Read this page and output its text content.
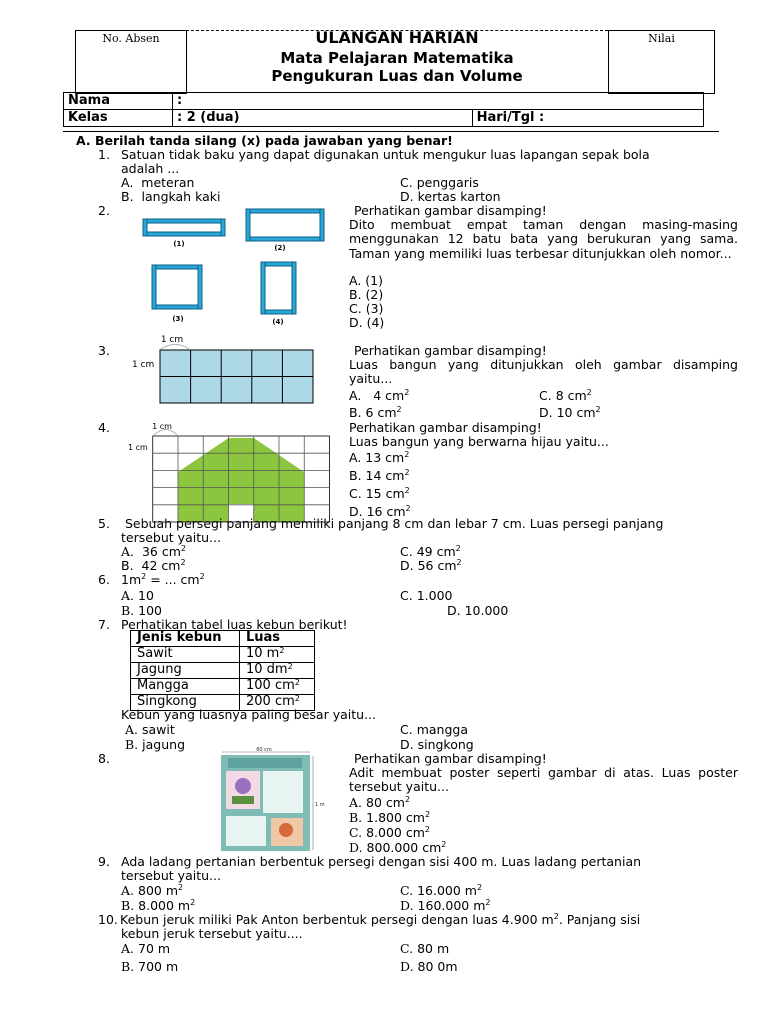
No. Absen	Nilai
ULANGAN HARIAN
Mata Pelajaran Matematika
Pengukuran Luas dan Volume
Nama	:	
Kelas	: 2 (dua)	Hari/Tgl :
A. Berilah tanda silang (x) pada jawaban yang benar!
1. Satuan tidak baku yang dapat digunakan untuk mengukur luas lapangan sepak bola
adalah ...
A. meteran
B. langkah kaki
C. penggaris
D. kertas karton
2.
(1)	(2)
(3)	(4)
Perhatikan gambar disamping!
Dito membuat empat taman dengan masing-masing menggunakan 12 batu bata yang berukuran yang sama. Taman yang memiliki luas terbesar ditunjukkan oleh nomor...
A. (1)
B. (2)
C. (3)
D. (4)
3.
1 cm
1 cm
Perhatikan gambar disamping!
Luas bangun yang ditunjukkan oleh gambar disamping yaitu...
A. 4 $cm^2$
B. 6 $cm^2$
C. 8 $cm^2$
D. 10 $cm^2$
4.	1 cm
1 cm
Perhatikan gambar disamping!
Luas bangun yang berwarna hijau yaitu...
A. 13 $cm^2$
B. 14 $cm^2$
C. 15 $cm^2$
D. 16 $cm^2$
5. Sebuah persegi panjang memiliki panjang 8 cm dan lebar 7 cm. Luas persegi panjang
tersebut yaitu...
A. 36 $cm^2$
B. 42 $cm^2$
C. 49 $cm^2$
D. 56 $cm^2$
6. $1m^2$ = ... $cm^2$
A. 10
B. 100
C. 1.000
D. 10.000
7. Perhatikan tabel luas kebun berikut!
Jenis kebun	Luas
Sawit	10 $m^2$
Jagung	10 $dm^2$
Mangga	100 $cm^2$
Singkong	200 $cm^2$
Kebun yang luasnya paling besar yaitu...
A. sawit
B. jagung
C. mangga
D. singkong
8.
80 cm
1 m
Perhatikan gambar disamping!
Adit membuat poster seperti gambar di atas. Luas poster tersebut yaitu...
A. 80 $cm^2$
B. 1.800 $cm^2$
C. 8.000 $cm^2$
D. 800.000 $cm^2$
9. Ada ladang pertanian berbentuk persegi dengan sisi 400 m. Luas ladang pertanian
tersebut yaitu...
A. 800 $m^2$
B. 8.000 $m^2$
C. 16.000 $m^2$
D. 160.000 $m^2$
10. Kebun jeruk miliki Pak Anton berbentuk persegi dengan luas 4.900 $m^2$. Panjang sisi
kebun jeruk tersebut yaitu....
A. 70 m
B. 700 m
C. 80 m
D. 80 0m
